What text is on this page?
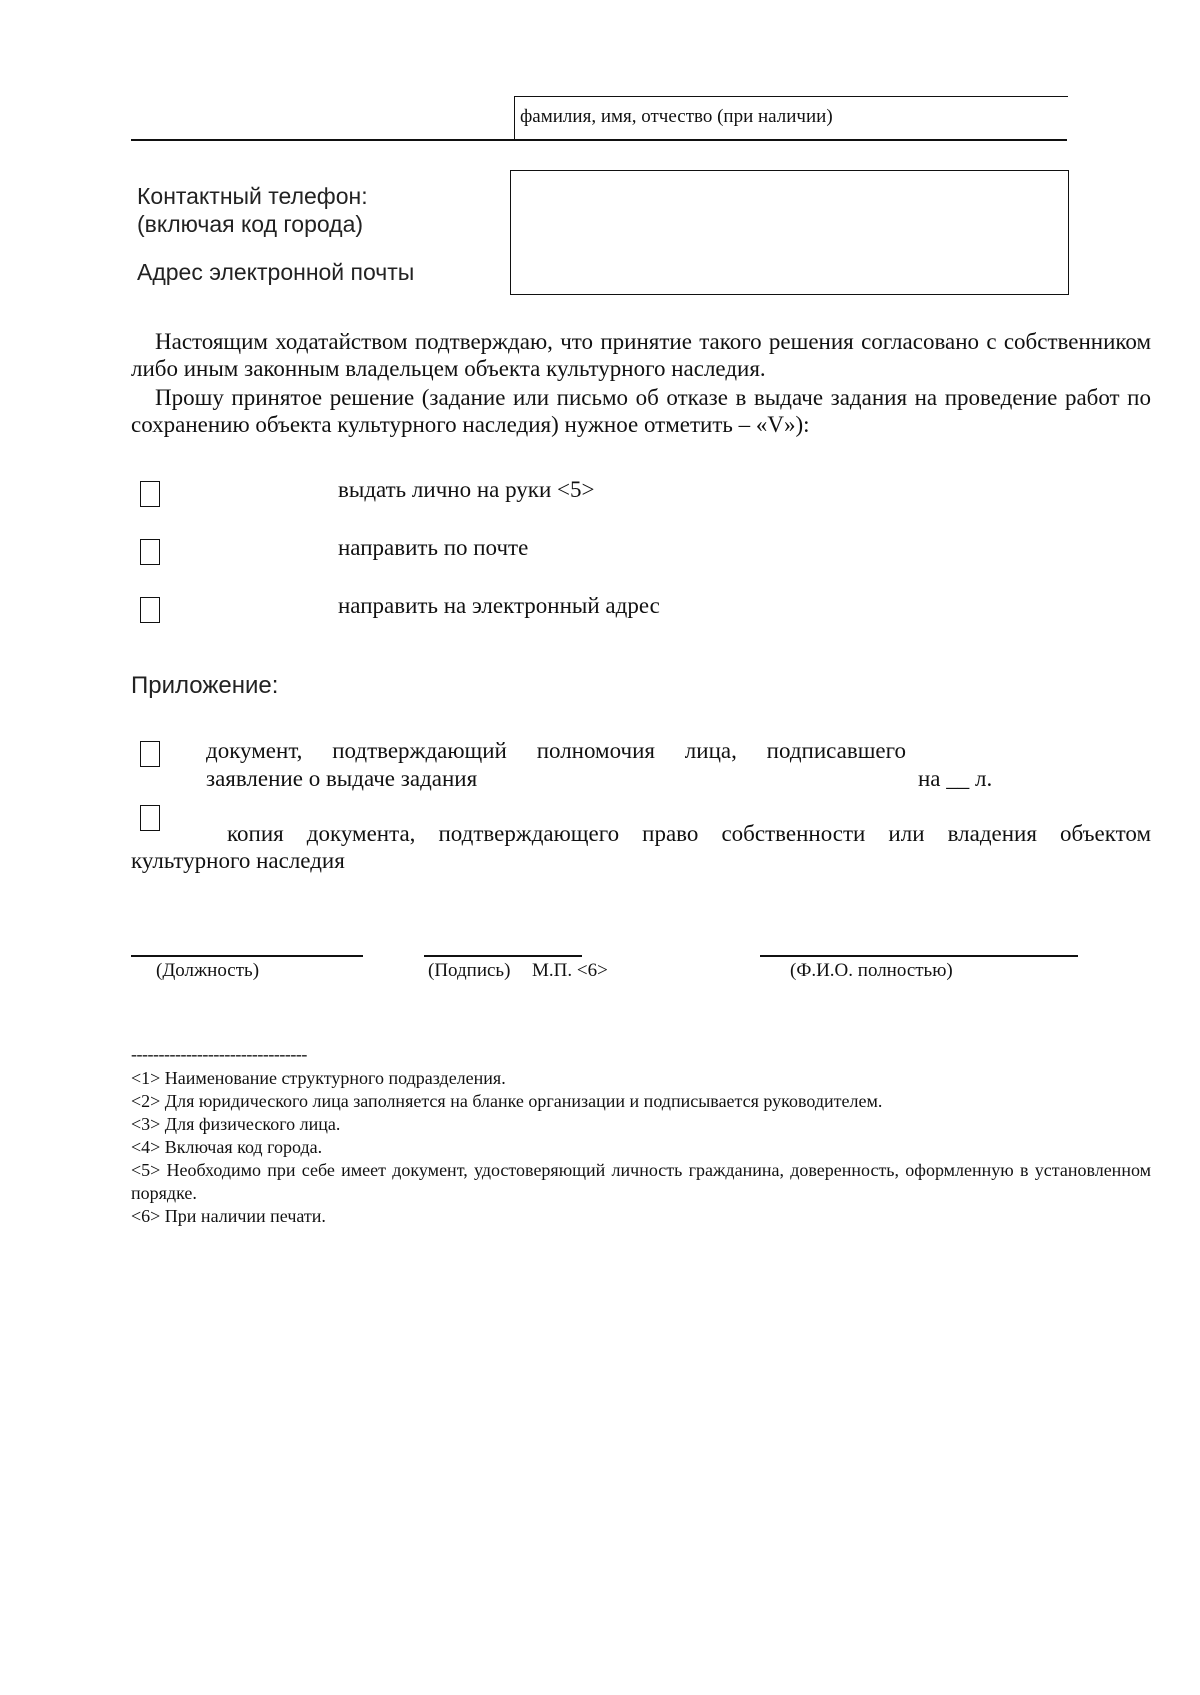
фамилия, имя, отчество (при наличии)
Контактный телефон:
(включая код города)
Адрес электронной почты
Настоящим ходатайством подтверждаю, что принятие такого решения согласовано с собственником либо иным законным владельцем объекта культурного наследия.
Прошу принятое решение (задание или письмо об отказе в выдаче задания на проведение работ по сохранению объекта культурного наследия) нужное отметить – «V»):
выдать лично на руки <5>
направить по почте
направить на электронный адрес
Приложение:
документ, подтверждающий полномочия лица, подписавшего
заявление о выдаче задания	на __ л.
копия документа, подтверждающего право собственности или владения объектом культурного наследия
(Должность)	(Подпись) М.П. <6>	(Ф.И.О. полностью)
--------------------------------
<1> Наименование структурного подразделения.
<2> Для юридического лица заполняется на бланке организации и подписывается руководителем.
<3> Для физического лица.
<4> Включая код города.
<5> Необходимо при себе имеет документ, удостоверяющий личность гражданина, доверенность, оформленную в установленном порядке.
<6> При наличии печати.
